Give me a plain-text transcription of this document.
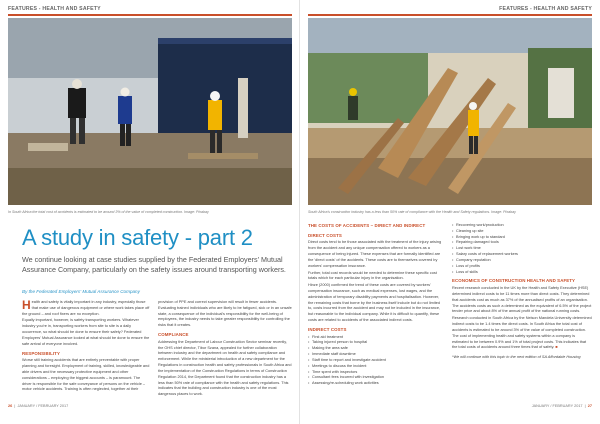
FEATURES - HEALTH AND SAFETY
In South Africa the total cost of accidents is estimated to be around 3% of the value of completed construction. Image: Pixabay
A study in safety - part 2
We continue looking at case studies supplied by the Federated Employers' Mutual Assurance Company, particularly on the safety issues around transporting workers.
By the Federated Employers' Mutual Assurance Company

Health and safety is vitally important in any industry, especially those that make use of dangerous equipment or where work takes place off the ground – and roof fixers are no exception.

Equally important, however, is safety transporting workers. Whatever industry you're in, transporting workers from site to site is a daily occurrence, so what should be done to ensure their safety? Federated Employers' Mutual Assurance looked at what should be done to ensure the safe arrival of everyone involved.

RESPONSIBILITY

Worse still training accidents that are entirely preventable with proper planning and foresight. Employment of training, skilled, knowledgeable and able drivers and the necessary protective equipment and other considerations – employing the biggest accounts – is paramount. The driver is responsible for the safe conveyance of persons on the vehicle – motor vehicle accidents. Training is often neglected, together at their

provision of PPE and correct supervision will result in fewer accidents. Evaluating trained individuals who are likely to be fatigued, sick or in an unsafe state, a consequence of the individual's responsibility for the well-being of employees, the industry needs to take greater responsibility for controlling the risks that it creates.

COMPLIANCE

Addressing the Department of Labour Construction Sector seminar recently, the OHS chief director, Tibor Szana, appealed for further collaboration between industry and the department on health and safety compliance and enforcement. While the ministerial introduction of a new department for the Regulations in construction health and safety professionals in South Africa and the implementation of the Construction Regulations in terms of Construction Regulation 2014, the Department found that the construction industry has a less than 50% rate of compliance with the health and safety regulations. This indicates that the building and construction industry is one of the most dangerous places to work.

26  |  JANUARY / FEBRUARY 2017
FEATURES - HEALTH AND SAFETY
South Africa's construction industry has a less than 50% rate of compliance with the Health and Safety regulations. Image: Pixabay
THE COSTS OF ACCIDENTS – DIRECT AND INDIRECT
DIRECT COSTS

Direct costs tend to be those associated with the treatment of the injury arising from the accident and any unique compensation offered to workers as a consequence of being injured. These expenses that are formally identified are the 'direct costs' of the accidents. These costs are to themselves covered by workers' compensation insurance.

Further, total cost records would be needed to determine these specific cost totals which for each particular injury in the organisation.

Hinze (2000) confirmed the trend of these costs are covered by workers' compensation insurance, such as medical expenses, lost wages, and the administration of temporary disability payments and hospitalisation. However, the remaining costs that borne by the business itself include but do not limited to, costs incurred from the accident and may not be included in the insurance, but reasonable to the individual company. While it is difficult to quantify, these costs are related to accidents of the associated indirect costs.

INDIRECT COSTS
• First aid treatment
• Taking injured person to hospital
• Making the area safe
• Immediate staff downtime
• Staff time to report and investigate accident
• Meetings to discuss the incident
• Time spent with inspectors
• Consultant fees incurred with investigation
• Assessing/re-scheduling work activities
• Recovering work/production
• Cleaning up site
• Bringing work up to standard
• Repairing damaged tools
• Lost work time
• Salary costs of replacement workers
• Company reputation
• Loss of profits
• Loss of skills
ECONOMICS OF CONSTRUCTION HEALTH AND SAFETY

Recent research conducted in the UK by the Health and Safety Executive (HSE) determined indirect costs to be 11 times more than direct costs. They determined that accidents cost as much as 37% of the annualised profits of an organisation. The accidents costs as such a determined as the equivalent of 6.5% of the project tender price and about 8% of the annual profit of the national running costs.

Research conducted in South Africa by the Nelson Mandela University determined indirect costs to be 1.4 times the direct costs. In South Africa the total cost of accidents is estimated to be around 3% of the value of completed construction. The cost of implementing health and safety systems within a company is estimated to be between 0.9% and 1% of total project costs. This indicates that the total costs of accidents around three times that of safety. ■

*We will continue with this topic in the next edition of SA Affordable Housing

JANUARY / FEBRUARY 2017  |  27
